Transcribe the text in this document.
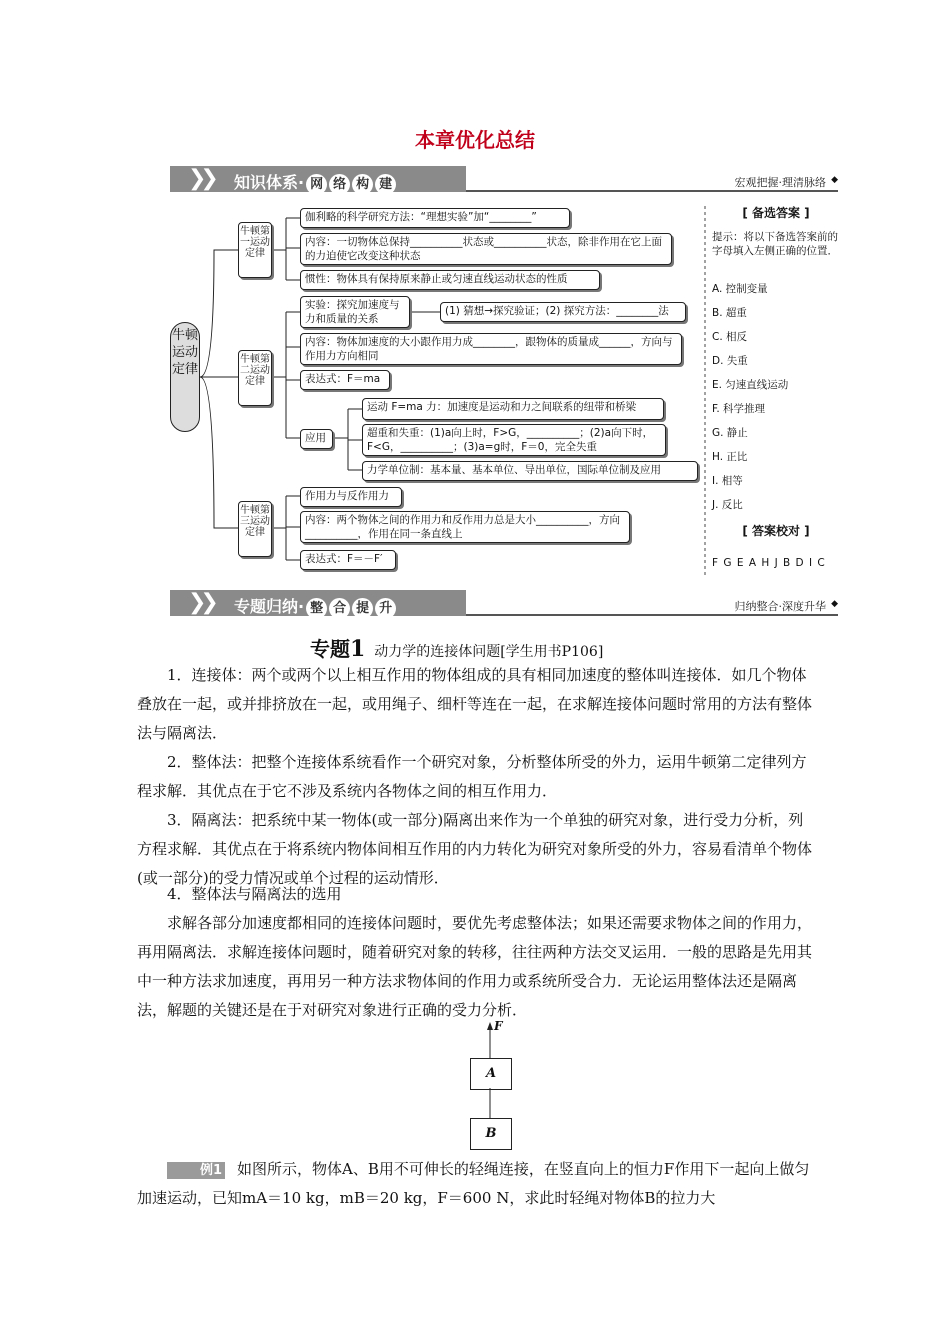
本章优化总结
❯❯ 知识体系· 网 络 构 建	宏观把握·理清脉络 ◆
牛顿运动定律
牛顿第一运动定律
伽利略的科学研究方法：“理想实验”加“________”
内容：一切物体总保持__________状态或__________状态，除非作用在它上面的力迫使它改变这种状态
惯性：物体具有保持原来静止或匀速直线运动状态的性质
牛顿第二运动定律
实验：探究加速度与力和质量的关系
(1) 猜想→探究验证；(2) 探究方法：________法
内容：物体加速度的大小跟作用力成________，跟物体的质量成______，方向与作用力方向相同
表达式：F＝ma
应用
运动 F=ma 力：加速度是运动和力之间联系的纽带和桥梁
超重和失重：(1)a向上时，F>G，__________；(2)a向下时，F<G，__________；(3)a=g时，F＝0，完全失重
力学单位制：基本量、基本单位、导出单位，国际单位制及应用
牛顿第三运动定律
作用力与反作用力
内容：两个物体之间的作用力和反作用力总是大小__________，方向__________，作用在同一条直线上
表达式：F＝－F′
[ 备选答案 ]
提示：将以下备选答案前的字母填入左侧正确的位置．
A. 控制变量
B. 超重
C. 相反
D. 失重
E. 匀速直线运动
F. 科学推理
G. 静止
H. 正比
I. 相等
J. 反比
[ 答案校对 ]
F G E A H J B D I C
❯❯ 专题归纳· 整 合 提 升	归纳整合·深度升华 ◆
专题1 动力学的连接体问题[学生用书P106]
1．连接体：两个或两个以上相互作用的物体组成的具有相同加速度的整体叫连接体．如几个物体叠放在一起，或并排挤放在一起，或用绳子、细杆等连在一起，在求解连接体问题时常用的方法有整体法与隔离法．
2．整体法：把整个连接体系统看作一个研究对象，分析整体所受的外力，运用牛顿第二定律列方程求解．其优点在于它不涉及系统内各物体之间的相互作用力．
3．隔离法：把系统中某一物体(或一部分)隔离出来作为一个单独的研究对象，进行受力分析，列方程求解．其优点在于将系统内物体间相互作用的内力转化为研究对象所受的外力，容易看清单个物体(或一部分)的受力情况或单个过程的运动情形．
4．整体法与隔离法的选用
求解各部分加速度都相同的连接体问题时，要优先考虑整体法；如果还需要求物体之间的作用力，再用隔离法．求解连接体问题时，随着研究对象的转移，往往两种方法交叉运用．一般的思路是先用其中一种方法求加速度，再用另一种方法求物体间的作用力或系统所受合力．无论运用整体法还是隔离法，解题的关键还是在于对研究对象进行正确的受力分析．
F
A
B
例1 如图所示，物体A、B用不可伸长的轻绳连接，在竖直向上的恒力F作用下一起向上做匀加速运动，已知mA＝10 kg，mB＝20 kg，F＝600 N，求此时轻绳对物体B的拉力大
